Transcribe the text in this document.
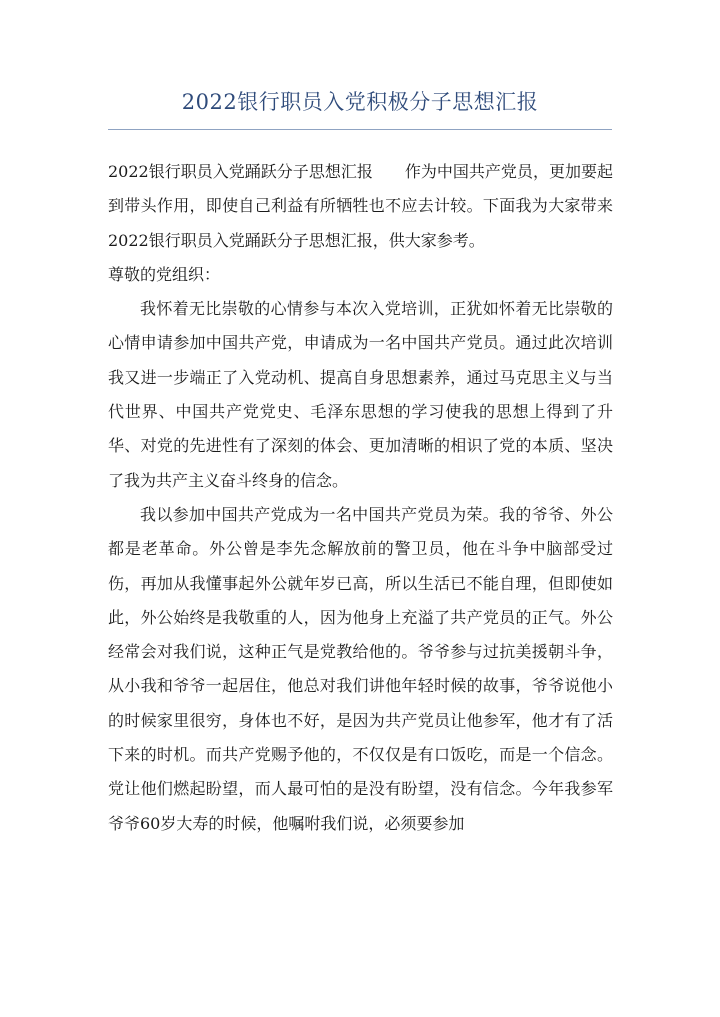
2022银行职员入党积极分子思想汇报

2022银行职员入党踊跃分子思想汇报　　作为中国共产党员，更加要起到带头作用，即使自己利益有所牺牲也不应去计较。下面我为大家带来2022银行职员入党踊跃分子思想汇报，供大家参考。

尊敬的党组织：

我怀着无比崇敬的心情参与本次入党培训，正犹如怀着无比崇敬的心情申请参加中国共产党，申请成为一名中国共产党员。通过此次培训我又进一步端正了入党动机、提高自身思想素养，通过马克思主义与当代世界、中国共产党党史、毛泽东思想的学习使我的思想上得到了升华、对党的先进性有了深刻的体会、更加清晰的相识了党的本质、坚决了我为共产主义奋斗终身的信念。

我以参加中国共产党成为一名中国共产党员为荣。我的爷爷、外公都是老革命。外公曾是李先念解放前的警卫员，他在斗争中脑部受过伤，再加从我懂事起外公就年岁已高，所以生活已不能自理，但即使如此，外公始终是我敬重的人，因为他身上充溢了共产党员的正气。外公经常会对我们说，这种正气是党教给他的。爷爷参与过抗美援朝斗争，从小我和爷爷一起居住，他总对我们讲他年轻时候的故事，爷爷说他小的时候家里很穷，身体也不好，是因为共产党员让他参军，他才有了活下来的时机。而共产党赐予他的，不仅仅是有口饭吃，而是一个信念。党让他们燃起盼望，而人最可怕的是没有盼望，没有信念。今年我参军爷爷60岁大寿的时候，他嘱咐我们说，必须要参加
